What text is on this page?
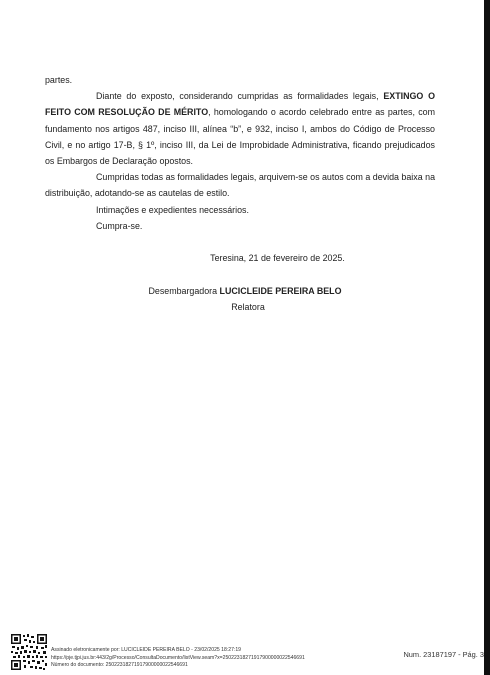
partes.

Diante do exposto, considerando cumpridas as formalidades legais, EXTINGO O FEITO COM RESOLUÇÃO DE MÉRITO, homologando o acordo celebrado entre as partes, com fundamento nos artigos 487, inciso III, alínea “b”, e 932, inciso I, ambos do Código de Processo Civil, e no artigo 17-B, § 1º, inciso III, da Lei de Improbidade Administrativa, ficando prejudicados os Embargos de Declaração opostos.

Cumpridas todas as formalidades legais, arquivem-se os autos com a devida baixa na distribuição, adotando-se as cautelas de estilo.

Intimações e expedientes necessários.

Cumpra-se.

Teresina, 21 de fevereiro de 2025.

Desembargadora LUCICLEIDE PEREIRA BELO

Relatora

Assinado eletronicamente por: LUCICLEIDE PEREIRA BELO - 23/02/2025 18:27:19
https://pje.tjpi.jus.br:443/2g/Processo/ConsultaDocumento/listView.seam?x=25022318271917900000022546691
Número do documento: 25022318271917900000022546691
Num. 23187197 - Pág. 3
